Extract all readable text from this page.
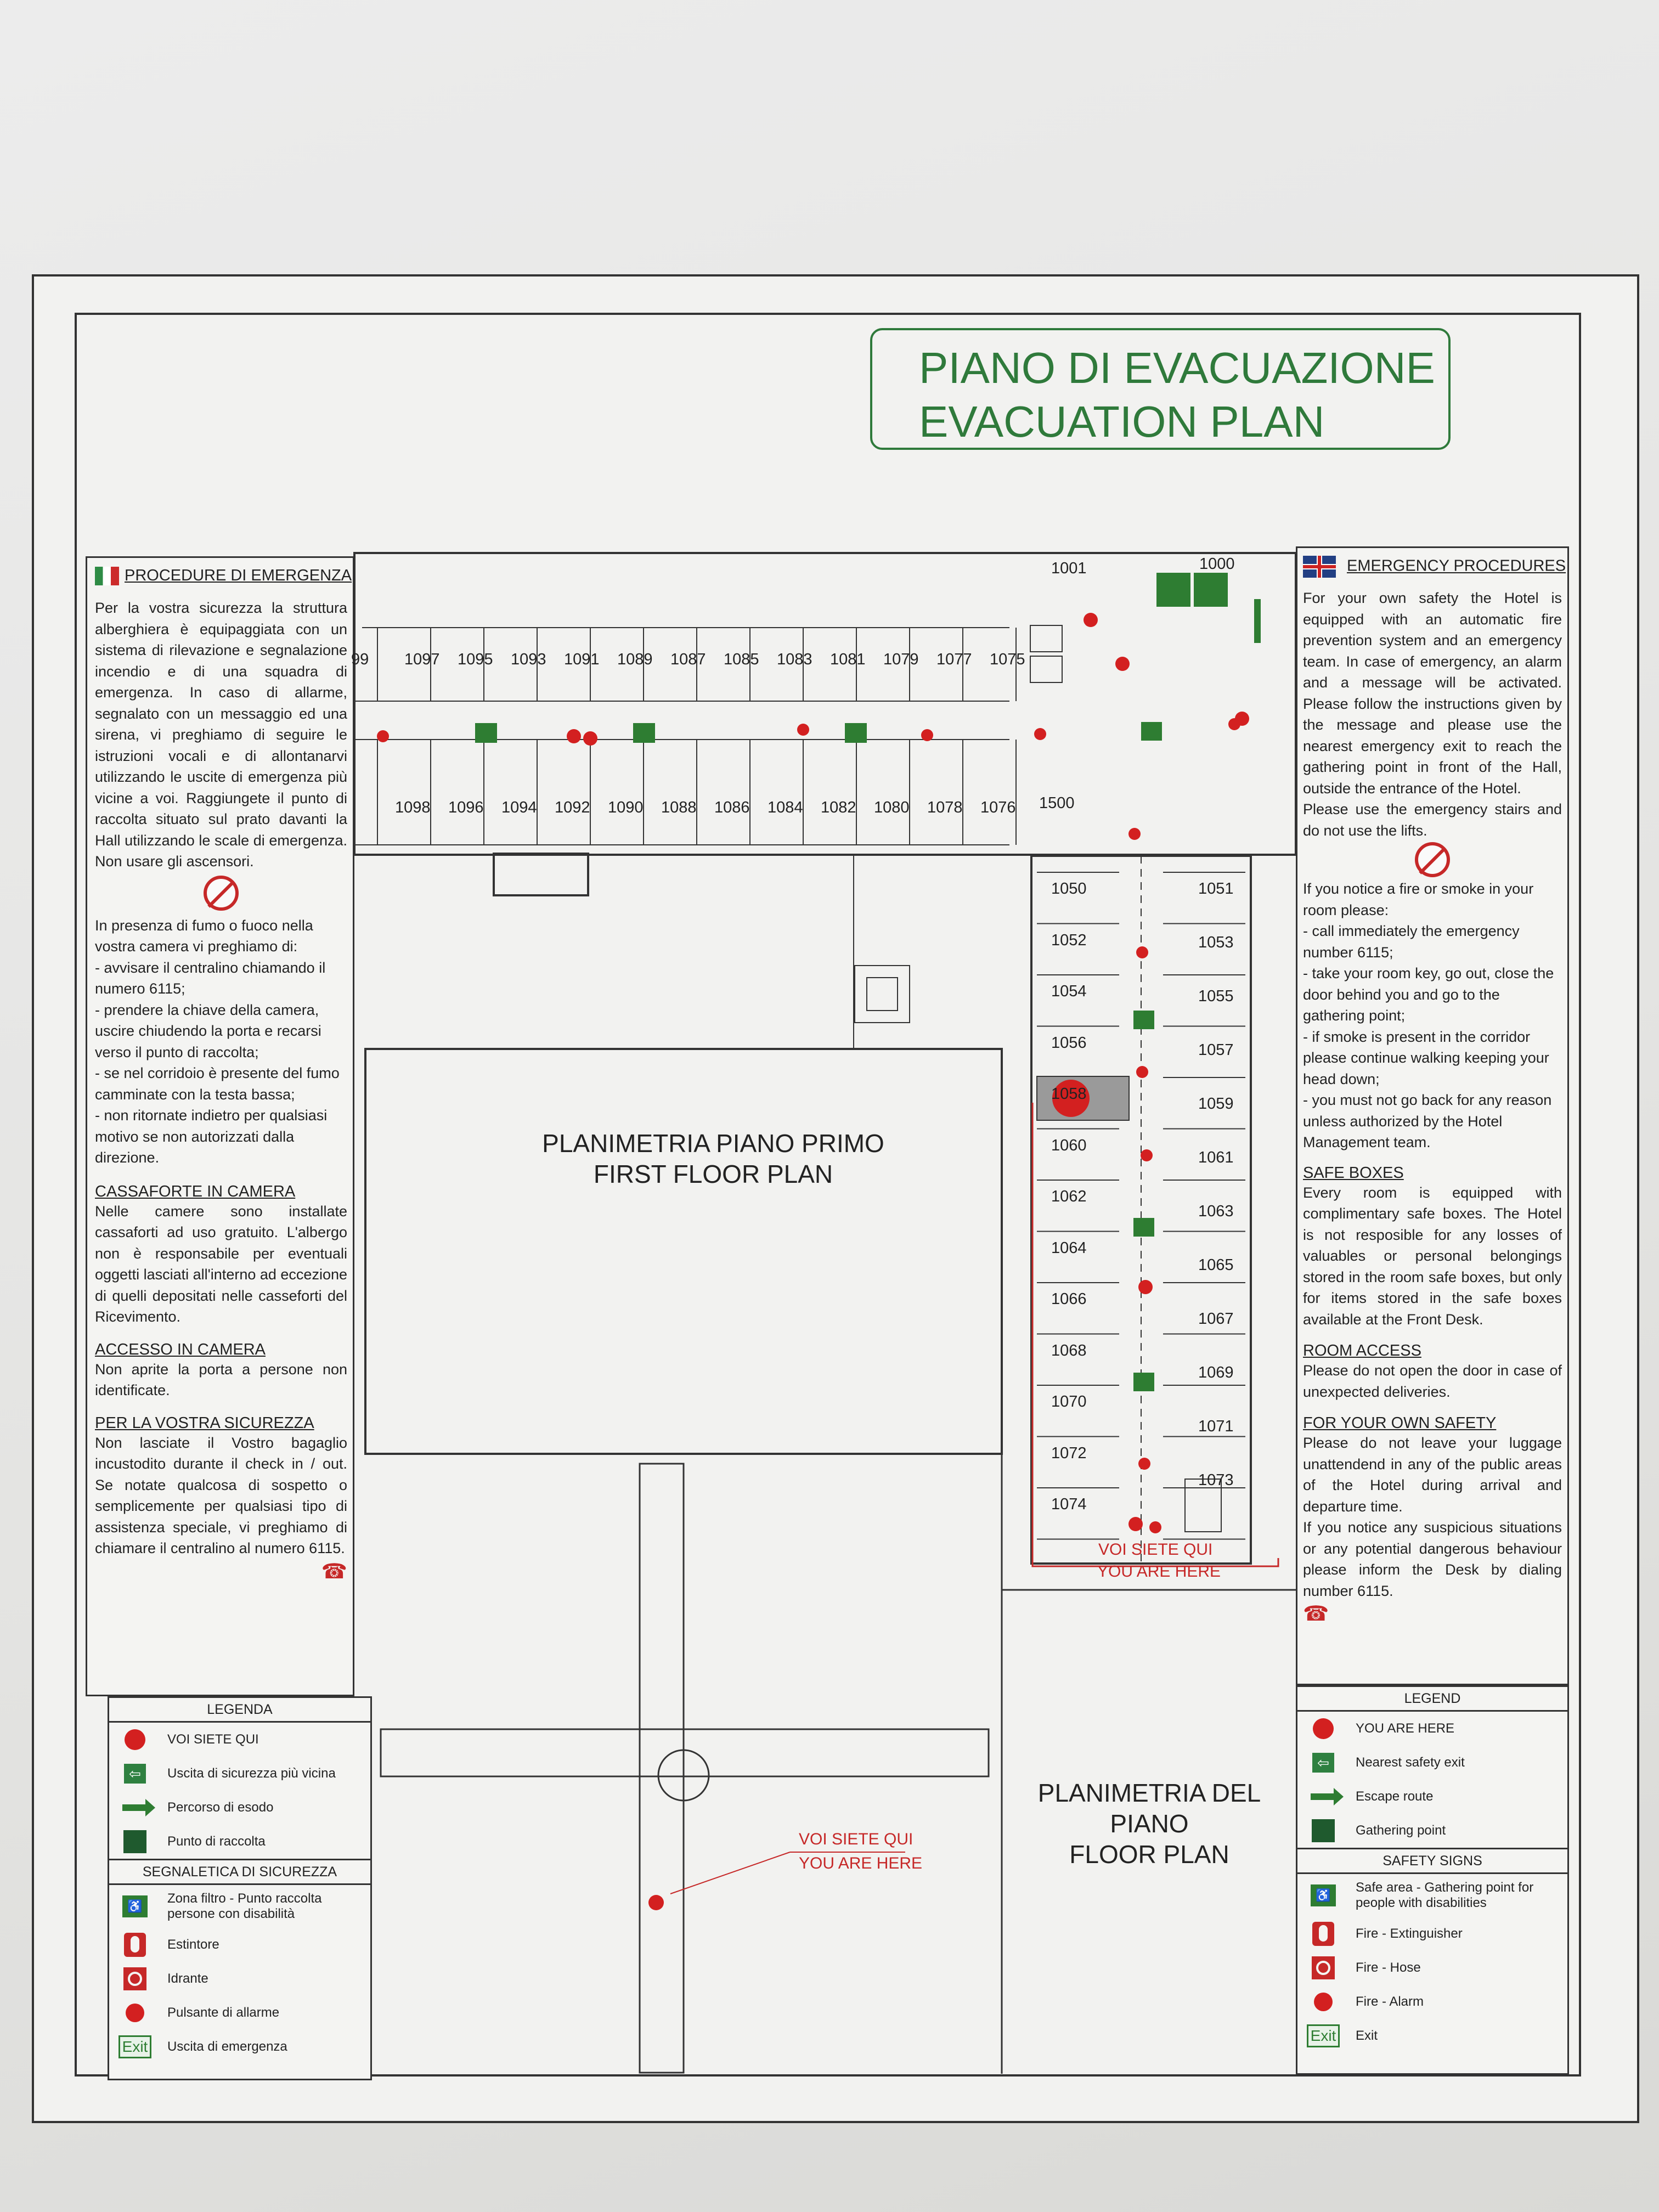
PIANO DI EVACUAZIONE
EVACUATION PLAN
PROCEDURE DI EMERGENZA

Per la vostra sicurezza la struttura alberghiera è equipaggiata con un sistema di rilevazione e segnalazione incendio e di una squadra di emergenza. In caso di allarme, segnalato con un messaggio ed una sirena, vi preghiamo di seguire le istruzioni vocali e di allontanarvi utilizzando le uscite di emergenza più vicine a voi. Raggiungete il punto di raccolta situato sul prato davanti la Hall utilizzando le scale di emergenza. Non usare gli ascensori.

In presenza di fumo o fuoco nella vostra camera vi preghiamo di:

- avvisare il centralino chiamando il numero 6115;

- prendere la chiave della camera, uscire chiudendo la porta e recarsi verso il punto di raccolta;

- se nel corridoio è presente del fumo camminate con la testa bassa;

- non ritornate indietro per qualsiasi motivo se non autorizzati dalla direzione.

CASSAFORTE IN CAMERA

Nelle camere sono installate cassaforti ad uso gratuito. L'albergo non è responsabile per eventuali oggetti lasciati all'interno ad eccezione di quelli depositati nelle casseforti del Ricevimento.

ACCESSO IN CAMERA

Non aprite la porta a persone non identificate.

PER LA VOSTRA SICUREZZA

Non lasciate il Vostro bagaglio incustodito durante il check in / out. Se notate qualcosa di sospetto o semplicemente per qualsiasi tipo di assistenza speciale, vi preghiamo di chiamare il centralino al numero 6115.

☎
LEGENDA
VOI SIETE QUI
⇦	Uscita di sicurezza più vicina
Percorso di esodo
Punto di raccolta
SEGNALETICA DI SICUREZZA
♿
Zona filtro - Punto raccolta persone con disabilità
Estintore
Idrante
Pulsante di allarme
Exit Uscita di emergenza
EMERGENCY PROCEDURES

For your own safety the Hotel is equipped with an automatic fire prevention system and an emergency team. In case of emergency, an alarm and a message will be activated. Please follow the instructions given by the message and please use the nearest emergency exit to reach the gathering point in front of the Hall, outside the entrance of the Hotel.

Please use the emergency stairs and do not use the lifts.

If you notice a fire or smoke in your room please:

- call immediately the emergency number 6115;

- take your room key, go out, close the door behind you and go to the gathering point;

- if smoke is present in the corridor please continue walking keeping your head down;

- you must not go back for any reason unless authorized by the Hotel Management team.

SAFE BOXES

Every room is equipped with complimentary safe boxes. The Hotel is not resposible for any losses of valuables or personal belongings stored in the room safe boxes, but only for items stored in the safe boxes available at the Front Desk.

ROOM ACCESS

Please do not open the door in case of unexpected deliveries.

FOR YOUR OWN SAFETY

Please do not leave your luggage unattendend in any of the public areas of the Hotel during arrival and departure time.

If you notice any suspicious situations or any potential dangerous behaviour please inform the Desk by dialing number 6115.

☎
LEGEND
YOU ARE HERE
⇦	Nearest safety exit
Escape route
Gathering point
SAFETY SIGNS
♿
Safe area - Gathering point for people with disabilities
Fire - Extinguisher
Fire - Hose
Fire - Alarm
Exit Exit
99 1097 1095 1093 1091 1089 1087 1085 1083 1081 1079 1077 1075
1098 1096 1094 1092 1090 1088 1086 1084 1082 1080 1078 1076
1001	1000
1500
1050
1052
1054
1056
1058
1060
1062
1064
1066
1068
1070
1072
1074
1051
1053
1055
1057
1059
1061
1063
1065
1067
1069
1071
1073
PLANIMETRIA PIANO PRIMO
FIRST FLOOR PLAN
PLANIMETRIA DEL
PIANO
FLOOR PLAN
VOI SIETE QUI
YOU ARE HERE
VOI SIETE QUI
YOU ARE HERE
